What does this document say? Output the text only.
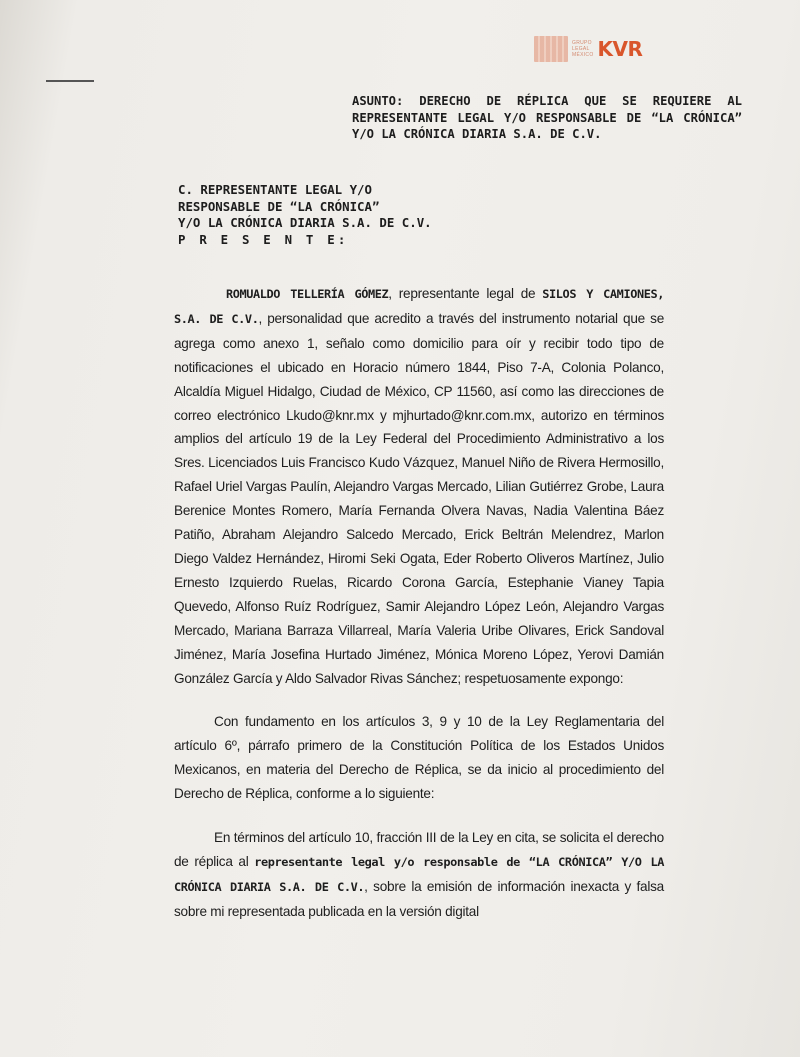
GRUPO
LEGAL
MÉXICO KVR
ASUNTO: DERECHO DE RÉPLICA QUE SE REQUIERE AL REPRESENTANTE LEGAL Y/O RESPONSABLE DE “LA CRÓNICA” Y/O LA CRÓNICA DIARIA S.A. DE C.V.
C. REPRESENTANTE LEGAL Y/O
RESPONSABLE DE “LA CRÓNICA”
Y/O LA CRÓNICA DIARIA S.A. DE C.V.
P R E S E N T E:

ROMUALDO TELLERÍA GÓMEZ, representante legal de SILOS Y CAMIONES, S.A. DE C.V., personalidad que acredito a través del instrumento notarial que se agrega como anexo 1, señalo como domicilio para oír y recibir todo tipo de notificaciones el ubicado en Horacio número 1844, Piso 7-A, Colonia Polanco, Alcaldía Miguel Hidalgo, Ciudad de México, CP 11560, así como las direcciones de correo electrónico Lkudo@knr.mx y mjhurtado@knr.com.mx, autorizo en términos amplios del artículo 19 de la Ley Federal del Procedimiento Administrativo a los Sres. Licenciados Luis Francisco Kudo Vázquez, Manuel Niño de Rivera Hermosillo, Rafael Uriel Vargas Paulín, Alejandro Vargas Mercado, Lilian Gutiérrez Grobe, Laura Berenice Montes Romero, María Fernanda Olvera Navas, Nadia Valentina Báez Patiño, Abraham Alejandro Salcedo Mercado, Erick Beltrán Melendrez, Marlon Diego Valdez Hernández, Hiromi Seki Ogata, Eder Roberto Oliveros Martínez, Julio Ernesto Izquierdo Ruelas, Ricardo Corona García, Estephanie Vianey Tapia Quevedo, Alfonso Ruíz Rodríguez, Samir Alejandro López León, Alejandro Vargas Mercado, Mariana Barraza Villarreal, María Valeria Uribe Olivares, Erick Sandoval Jiménez, María Josefina Hurtado Jiménez, Mónica Moreno López, Yerovi Damián González García y Aldo Salvador Rivas Sánchez; respetuosamente expongo:

Con fundamento en los artículos 3, 9 y 10 de la Ley Reglamentaria del artículo 6º, párrafo primero de la Constitución Política de los Estados Unidos Mexicanos, en materia del Derecho de Réplica, se da inicio al procedimiento del Derecho de Réplica, conforme a lo siguiente:

En términos del artículo 10, fracción III de la Ley en cita, se solicita el derecho de réplica al representante legal y/o responsable de “LA CRÓNICA” Y/O LA CRÓNICA DIARIA S.A. DE C.V., sobre la emisión de información inexacta y falsa sobre mi representada publicada en la versión digital
